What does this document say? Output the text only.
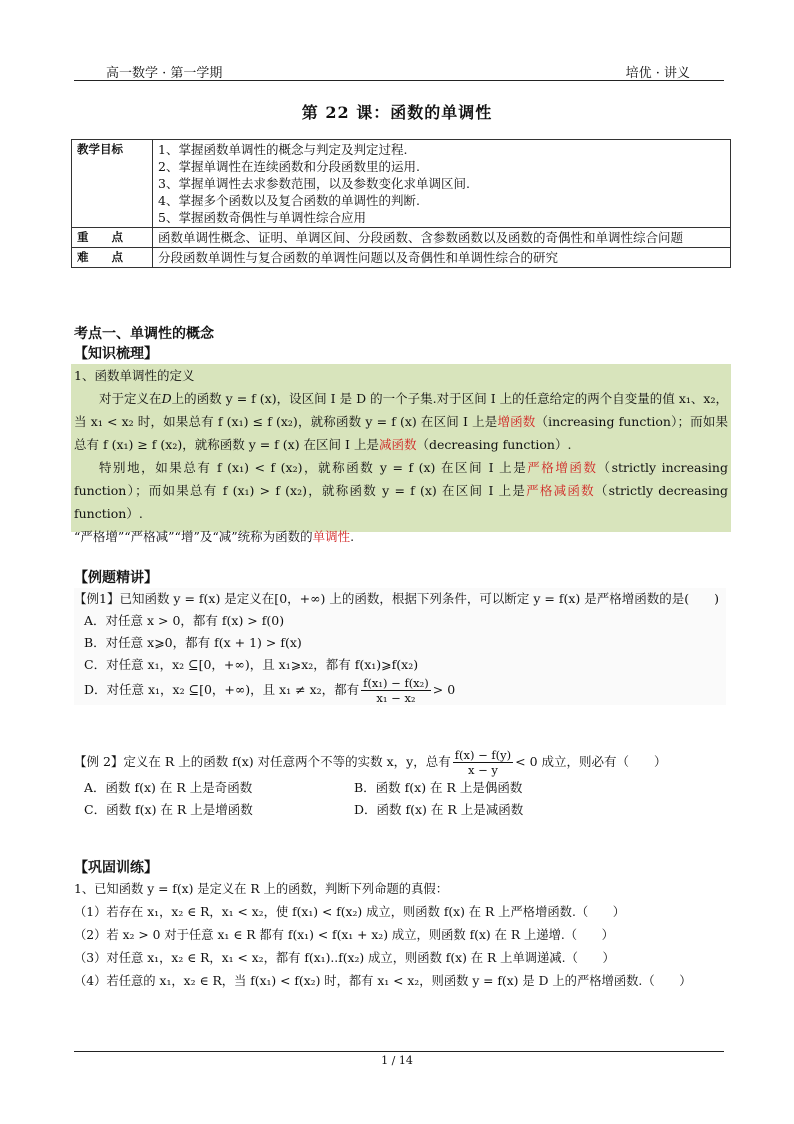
高一数学 · 第一学期	培优 · 讲义
第 22 课：函数的单调性
教学目标	1、掌握函数单调性的概念与判定及判定过程.
2、掌握单调性在连续函数和分段函数里的运用.
3、掌握单调性去求参数范围，以及参数变化求单调区间.
4、掌握多个函数以及复合函数的单调性的判断.
5、掌握函数奇偶性与单调性综合应用

重　　点	函数单调性概念、证明、单调区间、分段函数、含参数函数以及函数的奇偶性和单调性综合问题
难　　点	分段函数单调性与复合函数的单调性问题以及奇偶性和单调性综合的研究
考点一、单调性的概念
【知识梳理】

1、函数单调性的定义

对于定义在D上的函数 y = f (x)，设区间 I 是 D 的一个子集.对于区间 I 上的任意给定的两个自变量的值 x₁、x₂，当 x₁ < x₂ 时，如果总有 f (x₁) ≤ f (x₂)，就称函数 y = f (x) 在区间 I 上是增函数（increasing function）；而如果总有 f (x₁) ≥ f (x₂)，就称函数 y = f (x) 在区间 I 上是减函数（decreasing function）.

特别地，如果总有 f (x₁) < f (x₂)，就称函数 y = f (x) 在区间 I 上是严格增函数（strictly increasing function）；而如果总有 f (x₁) > f (x₂)，就称函数 y = f (x) 在区间 I 上是严格减函数（strictly decreasing function）.

“严格增”“严格减”“增”及“减”统称为函数的单调性.

【例题精讲】
【例1】已知函数 y = f(x) 是定义在[0，+∞) 上的函数，根据下列条件，可以断定 y = f(x) 是严格增函数的是(　　)
A．对任意 x > 0，都有 f(x) > f(0)
B．对任意 x⩾0，都有 f(x + 1) > f(x)
C．对任意 x₁，x₂ ⊆[0，+∞)，且 x₁⩾x₂，都有 f(x₁)⩾f(x₂)
D．对任意 x₁，x₂ ⊆[0，+∞)，且 x₁ ≠ x₂，都有 $\frac{\text{f(x₁) − f(x₂)}}{\text{x₁ − x₂}} > 0$
【例 2】定义在 R 上的函数 f(x) 对任意两个不等的实数 x，y，总有 $\frac{f(x) - f(y)}{x - y} < 0$ 成立，则必有（　　）
A．函数 f(x) 在 R 上是奇函数	B．函数 f(x) 在 R 上是偶函数
C．函数 f(x) 在 R 上是增函数	D．函数 f(x) 在 R 上是减函数
【巩固训练】
1、已知函数 y = f(x) 是定义在 R 上的函数，判断下列命题的真假：
（1）若存在 x₁，x₂ ∈ R，x₁ < x₂，使 f(x₁) < f(x₂) 成立，则函数 f(x) 在 R 上严格增函数.（　　）
（2）若 x₂ > 0 对于任意 x₁ ∈ R 都有 f(x₁) < f(x₁ + x₂) 成立，则函数 f(x) 在 R 上递增.（　　）
（3）对任意 x₁，x₂ ∈ R，x₁ < x₂，都有 f(x₁)..f(x₂) 成立，则函数 f(x) 在 R 上单调递减.（　　）
（4）若任意的 x₁，x₂ ∈ R，当 f(x₁) < f(x₂) 时，都有 x₁ < x₂，则函数 y = f(x) 是 D 上的严格增函数.（　　）
1 / 14
